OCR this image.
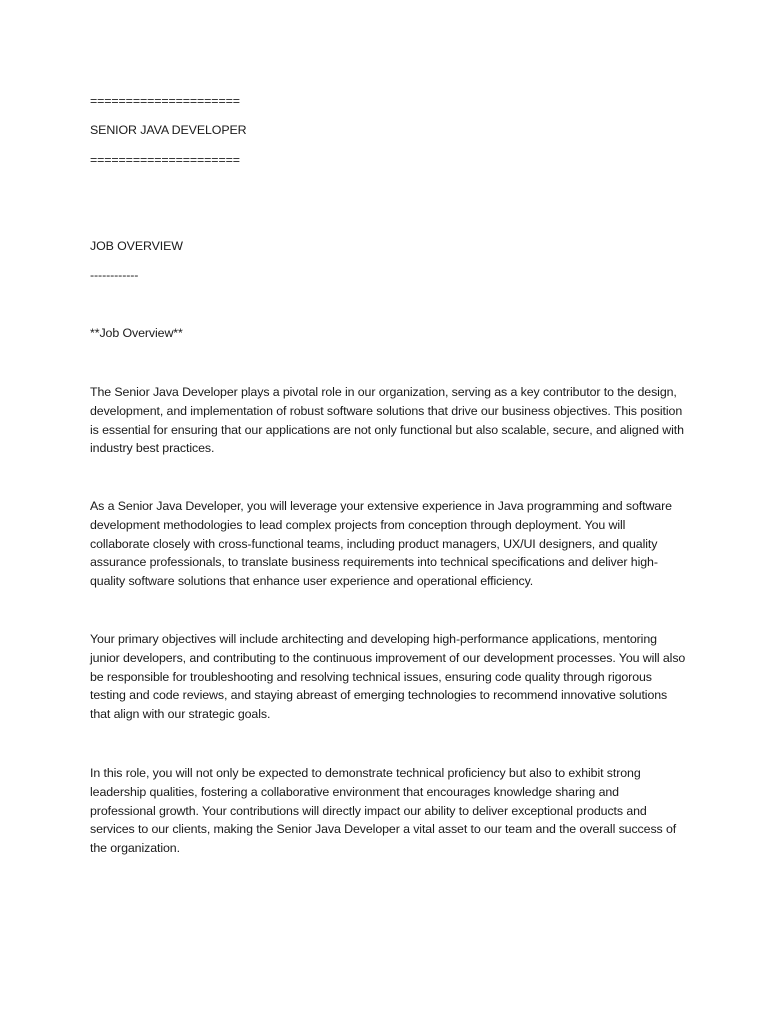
=====================
SENIOR JAVA DEVELOPER
=====================
JOB OVERVIEW
------------
**Job Overview**

The Senior Java Developer plays a pivotal role in our organization, serving as a key contributor to the design, development, and implementation of robust software solutions that drive our business objectives. This position is essential for ensuring that our applications are not only functional but also scalable, secure, and aligned with industry best practices.

As a Senior Java Developer, you will leverage your extensive experience in Java programming and software development methodologies to lead complex projects from conception through deployment. You will collaborate closely with cross-functional teams, including product managers, UX/UI designers, and quality assurance professionals, to translate business requirements into technical specifications and deliver high-quality software solutions that enhance user experience and operational efficiency.

Your primary objectives will include architecting and developing high-performance applications, mentoring junior developers, and contributing to the continuous improvement of our development processes. You will also be responsible for troubleshooting and resolving technical issues, ensuring code quality through rigorous testing and code reviews, and staying abreast of emerging technologies to recommend innovative solutions that align with our strategic goals.

In this role, you will not only be expected to demonstrate technical proficiency but also to exhibit strong leadership qualities, fostering a collaborative environment that encourages knowledge sharing and professional growth. Your contributions will directly impact our ability to deliver exceptional products and services to our clients, making the Senior Java Developer a vital asset to our team and the overall success of the organization.
